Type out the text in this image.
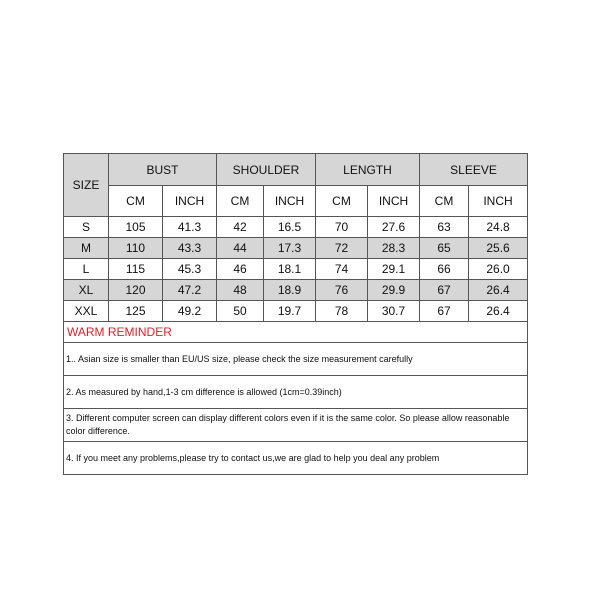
SIZE	BUST		SHOULDER		LENGTH		SLEEVE	
	CM	INCH	CM	INCH	CM	INCH	CM	INCH
S	105	41.3	42	16.5	70	27.6	63	24.8
M	110	43.3	44	17.3	72	28.3	65	25.6
L	115	45.3	46	18.1	74	29.1	66	26.0
XL	120	47.2	48	18.9	76	29.9	67	26.4
XXL	125	49.2	50	19.7	78	30.7	67	26.4
WARM REMINDER								
1.. Asian size is smaller than EU/US size, please check the size measurement carefully								
2. As measured by hand,1-3 cm difference is allowed (1cm=0.39inch)								
3. Different computer screen can display different colors even if it is the same color. So please allow reasonable color difference.								
4. If you meet any problems,please try to contact us,we are glad to help you deal any problem								
